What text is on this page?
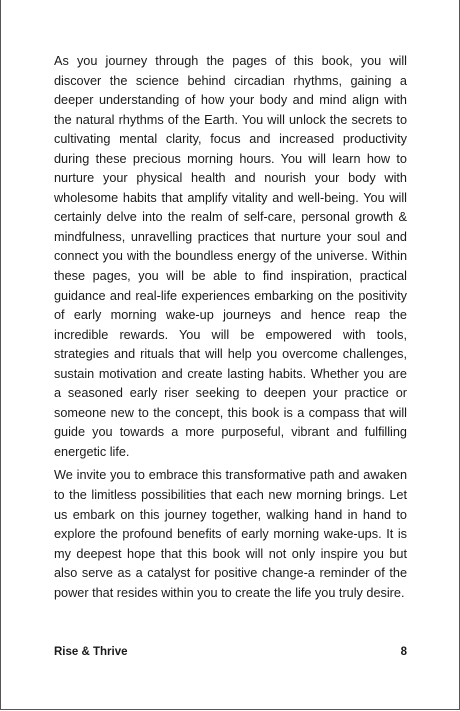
As you journey through the pages of this book, you will discover the science behind circadian rhythms, gaining a deeper understanding of how your body and mind align with the natural rhythms of the Earth. You will unlock the secrets to cultivating mental clarity, focus and increased productivity during these precious morning hours. You will learn how to nurture your physical health and nourish your body with wholesome habits that amplify vitality and well-being. You will certainly delve into the realm of self-care, personal growth & mindfulness, unravelling practices that nurture your soul and connect you with the boundless energy of the universe. Within these pages, you will be able to find inspiration, practical guidance and real-life experiences embarking on the positivity of early morning wake-up journeys and hence reap the incredible rewards. You will be empowered with tools, strategies and rituals that will help you overcome challenges, sustain motivation and create lasting habits. Whether you are a seasoned early riser seeking to deepen your practice or someone new to the concept, this book is a compass that will guide you towards a more purposeful, vibrant and fulfilling energetic life.

We invite you to embrace this transformative path and awaken to the limitless possibilities that each new morning brings. Let us embark on this journey together, walking hand in hand to explore the profound benefits of early morning wake-ups. It is my deepest hope that this book will not only inspire you but also serve as a catalyst for positive change-a reminder of the power that resides within you to create the life you truly desire.

Rise & Thrive	8
